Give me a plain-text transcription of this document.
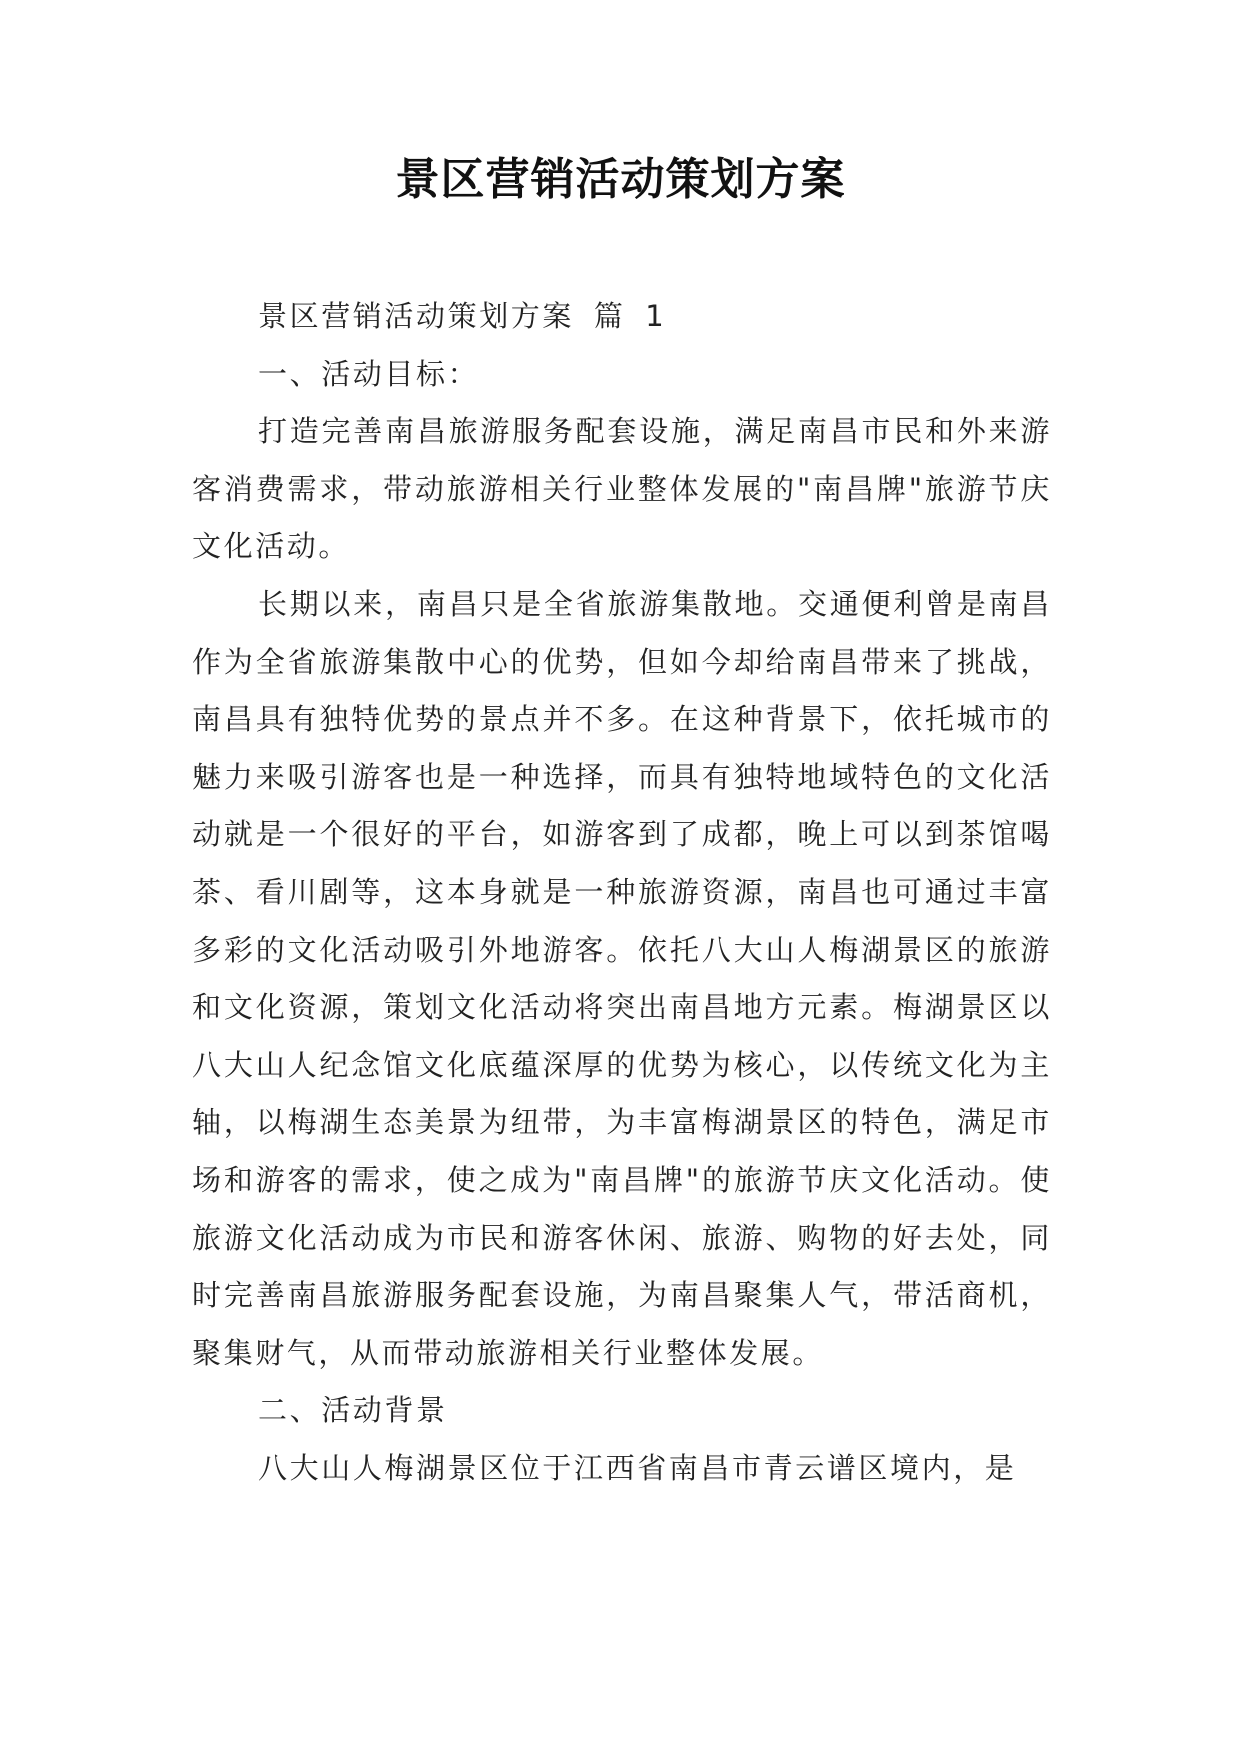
景区营销活动策划方案

景区营销活动策划方案 篇 1

一、活动目标：

打造完善南昌旅游服务配套设施，满足南昌市民和外来游客消费需求，带动旅游相关行业整体发展的"南昌牌"旅游节庆文化活动。

长期以来，南昌只是全省旅游集散地。交通便利曾是南昌作为全省旅游集散中心的优势，但如今却给南昌带来了挑战，南昌具有独特优势的景点并不多。在这种背景下，依托城市的魅力来吸引游客也是一种选择，而具有独特地域特色的文化活动就是一个很好的平台，如游客到了成都，晚上可以到茶馆喝茶、看川剧等，这本身就是一种旅游资源，南昌也可通过丰富多彩的文化活动吸引外地游客。依托八大山人梅湖景区的旅游和文化资源，策划文化活动将突出南昌地方元素。梅湖景区以八大山人纪念馆文化底蕴深厚的优势为核心，以传统文化为主轴，以梅湖生态美景为纽带，为丰富梅湖景区的特色，满足市场和游客的需求，使之成为"南昌牌"的旅游节庆文化活动。使旅游文化活动成为市民和游客休闲、旅游、购物的好去处，同时完善南昌旅游服务配套设施，为南昌聚集人气，带活商机，聚集财气，从而带动旅游相关行业整体发展。

二、活动背景

八大山人梅湖景区位于江西省南昌市青云谱区境内，是
